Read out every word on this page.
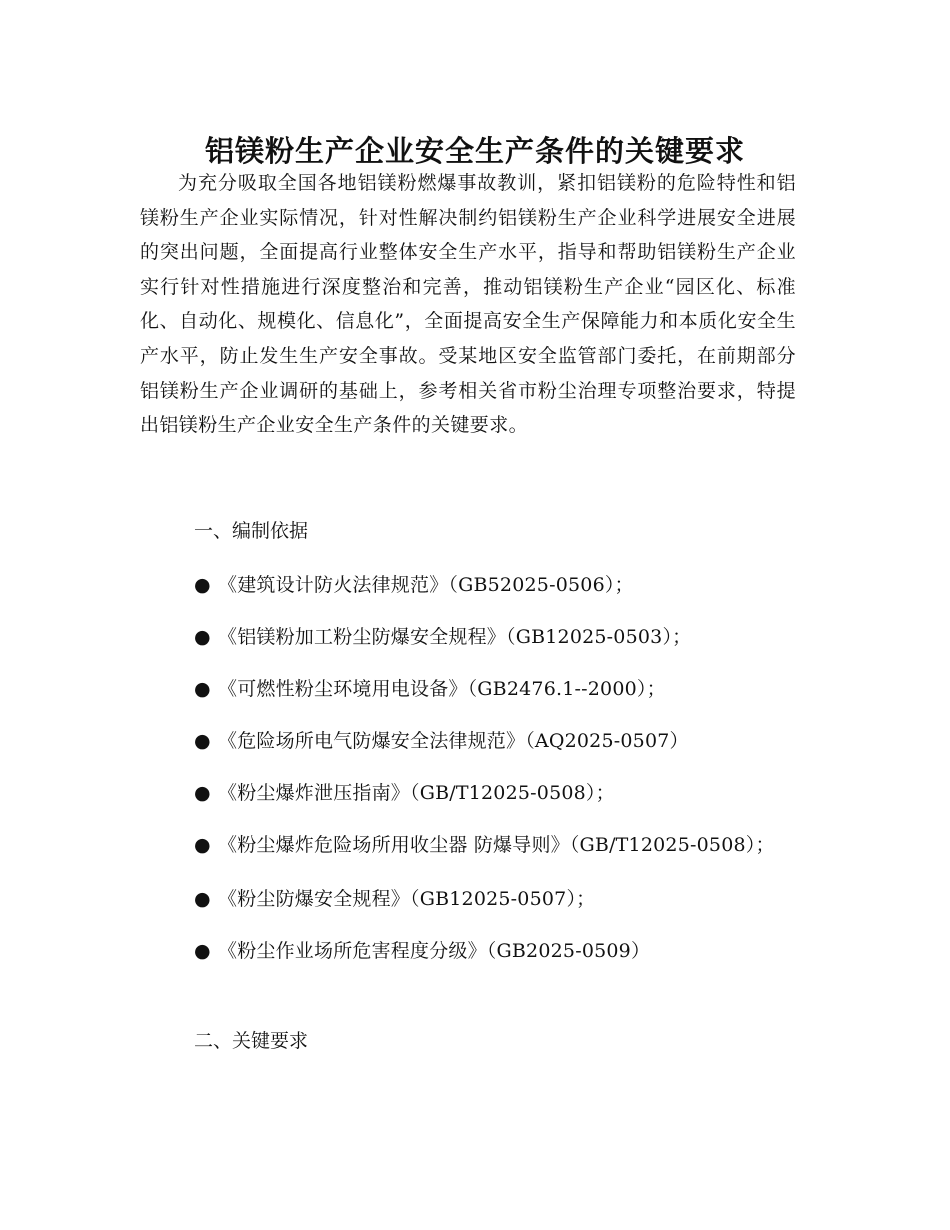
铝镁粉生产企业安全生产条件的关键要求

为充分吸取全国各地铝镁粉燃爆事故教训，紧扣铝镁粉的危险特性和铝镁粉生产企业实际情况，针对性解决制约铝镁粉生产企业科学进展安全进展的突出问题，全面提高行业整体安全生产水平，指导和帮助铝镁粉生产企业实行针对性措施进行深度整治和完善，推动铝镁粉生产企业“园区化、标准化、自动化、规模化、信息化”，全面提高安全生产保障能力和本质化安全生产水平，防止发生生产安全事故。受某地区安全监管部门委托，在前期部分铝镁粉生产企业调研的基础上，参考相关省市粉尘治理专项整治要求，特提出铝镁粉生产企业安全生产条件的关键要求。

一、编制依据

● 《建筑设计防火法律规范》（GB52025-0506）；
● 《铝镁粉加工粉尘防爆安全规程》（GB12025-0503）；
● 《可燃性粉尘环境用电设备》（GB2476.1--2000）；
● 《危险场所电气防爆安全法律规范》（AQ2025-0507）
● 《粉尘爆炸泄压指南》（GB/T12025-0508）；
● 《粉尘爆炸危险场所用收尘器 防爆导则》（GB/T12025-0508）；
● 《粉尘防爆安全规程》（GB12025-0507）；
● 《粉尘作业场所危害程度分级》（GB2025-0509）

二、关键要求
